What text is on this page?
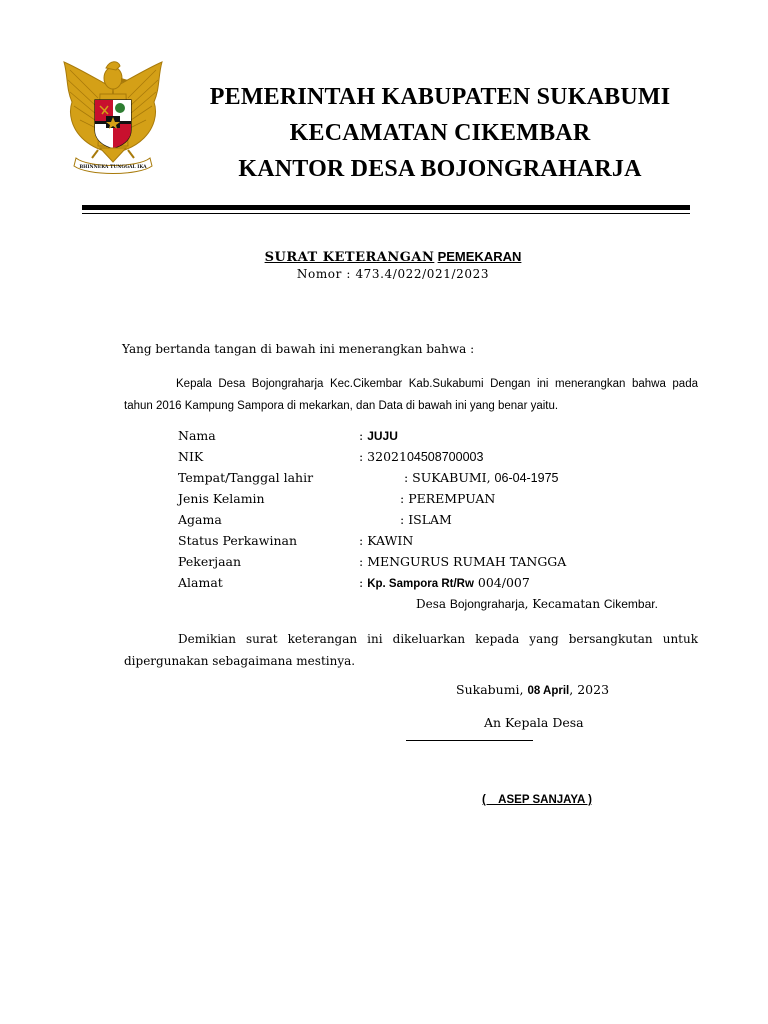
BHINNEKA TUNGGAL IKA
PEMERINTAH KABUPATEN SUKABUMI
KECAMATAN CIKEMBAR
KANTOR DESA BOJONGRAHARJA
SURAT KETERANGAN PEMEKARAN
Nomor : 473.4/022/021/2023
Yang bertanda tangan di bawah ini menerangkan bahwa :
Kepala Desa Bojongraharja Kec.Cikembar Kab.Sukabumi Dengan ini menerangkan bahwa pada tahun 2016 Kampung Sampora di mekarkan, dan Data di bawah ini yang benar yaitu.
Nama	: JUJU
NIK	: 3202104508700003
Tempat/Tanggal lahir	: SUKABUMI, 06-04-1975
Jenis Kelamin	: PEREMPUAN
Agama	: ISLAM
Status Perkawinan	: KAWIN
Pekerjaan	: MENGURUS RUMAH TANGGA
Alamat	: Kp. Sampora Rt/Rw 004/007
Desa Bojongraharja, Kecamatan Cikembar.
Demikian surat keterangan ini dikeluarkan kepada yang bersangkutan untuk dipergunakan sebagaimana mestinya.
Sukabumi, 08 April, 2023
An Kepala Desa
(    ASEP SANJAYA )
